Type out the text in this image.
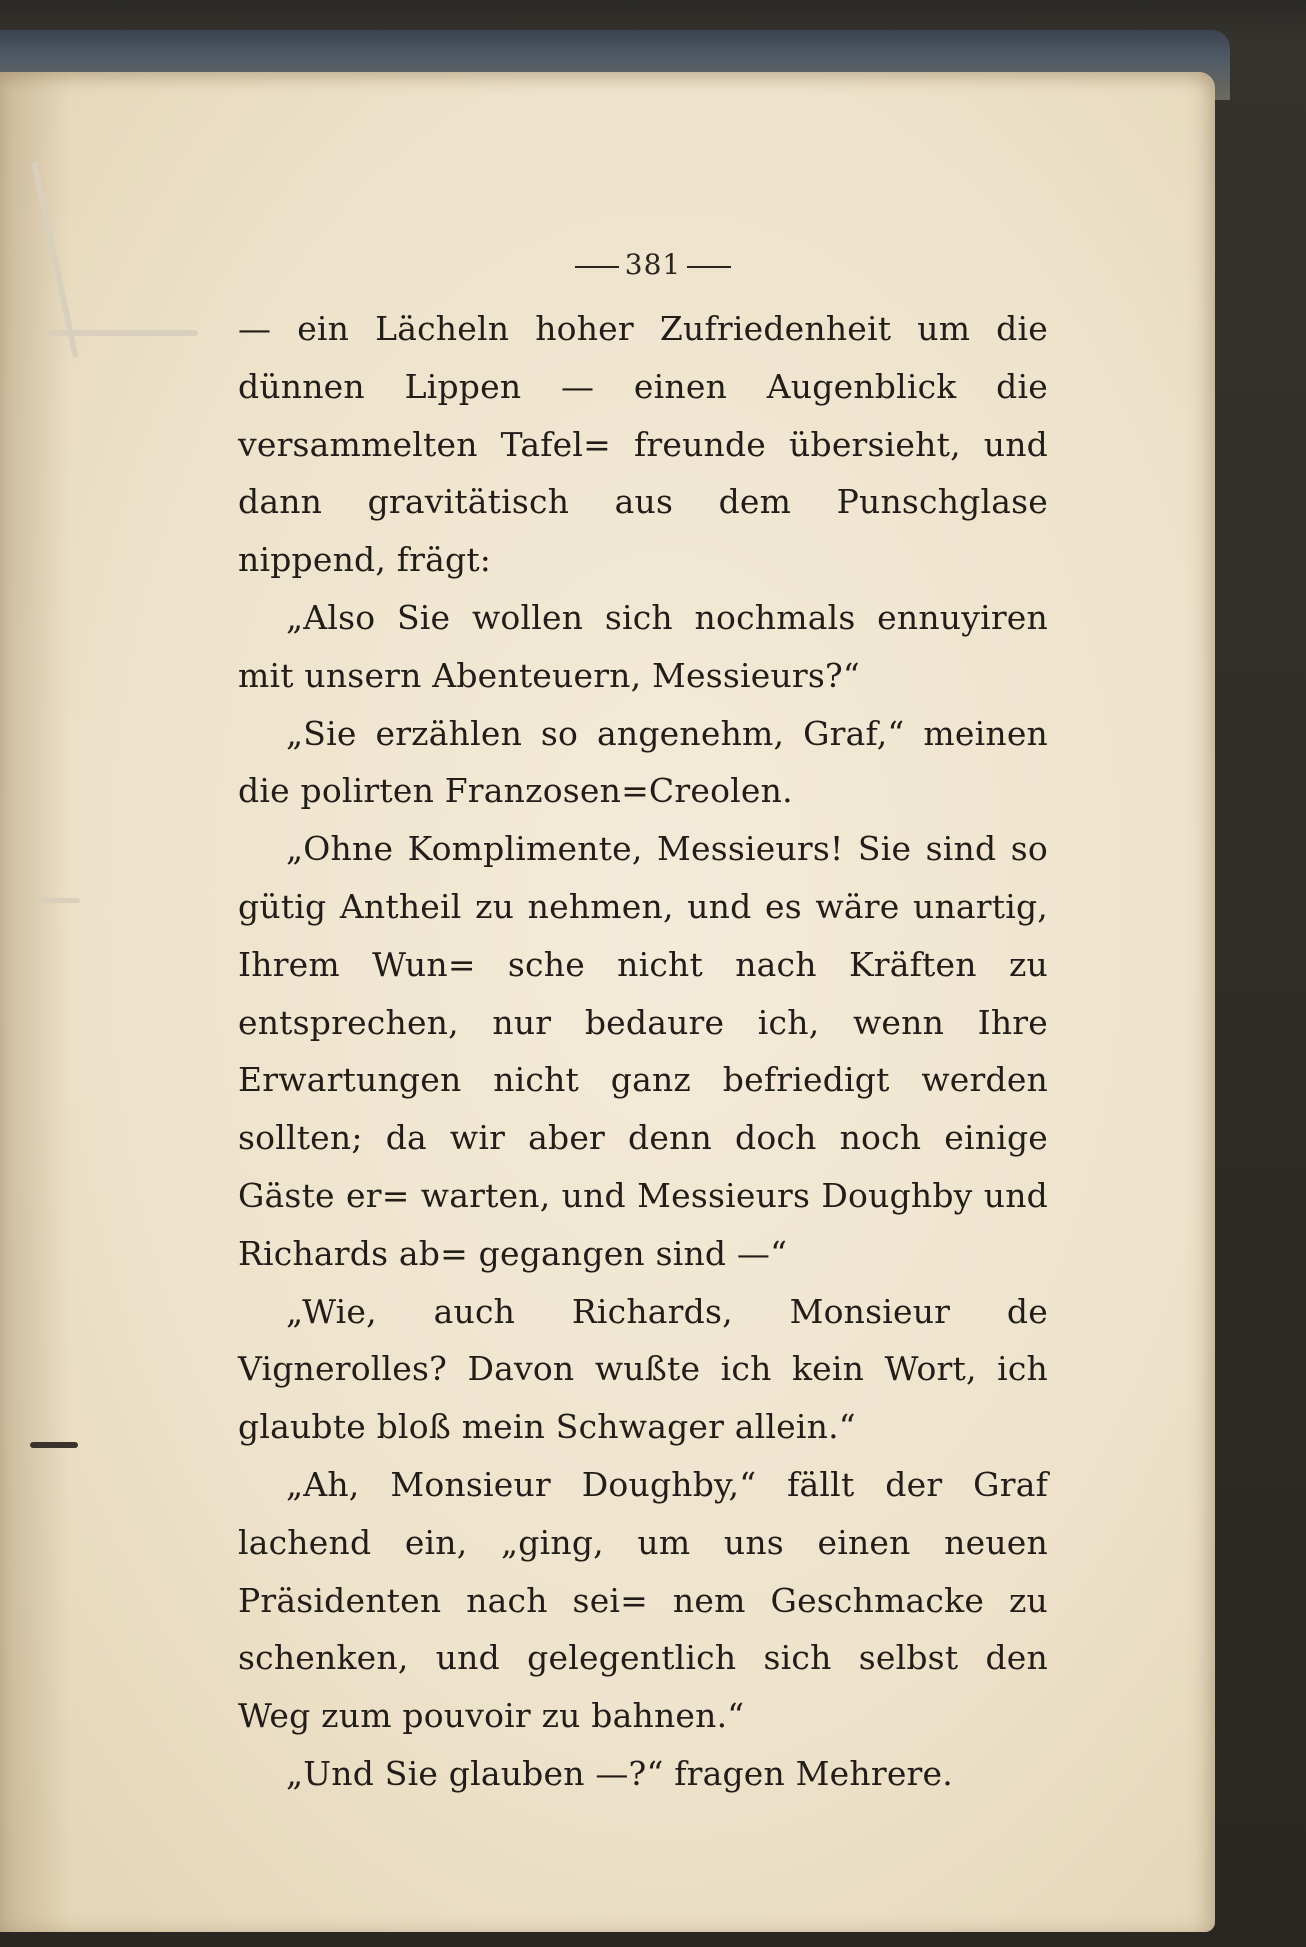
381

— ein Lächeln hoher Zufriedenheit um die dünnen Lippen — einen Augenblick die versammelten Tafel= freunde übersieht, und dann gravitätisch aus dem Punschglase nippend, frägt:

„Also Sie wollen sich nochmals ennuyiren mit unsern Abenteuern, Messieurs?“

„Sie erzählen so angenehm, Graf,“ meinen die polirten Franzosen=Creolen.

„Ohne Komplimente, Messieurs! Sie sind so gütig Antheil zu nehmen, und es wäre unartig, Ihrem Wun= sche nicht nach Kräften zu entsprechen, nur bedaure ich, wenn Ihre Erwartungen nicht ganz befriedigt werden sollten; da wir aber denn doch noch einige Gäste er= warten, und Messieurs Doughby und Richards ab= gegangen sind —“

„Wie, auch Richards, Monsieur de Vignerolles? Davon wußte ich kein Wort, ich glaubte bloß mein Schwager allein.“

„Ah, Monsieur Doughby,“ fällt der Graf lachend ein, „ging, um uns einen neuen Präsidenten nach sei= nem Geschmacke zu schenken, und gelegentlich sich selbst den Weg zum pouvoir zu bahnen.“

„Und Sie glauben —?“ fragen Mehrere.
